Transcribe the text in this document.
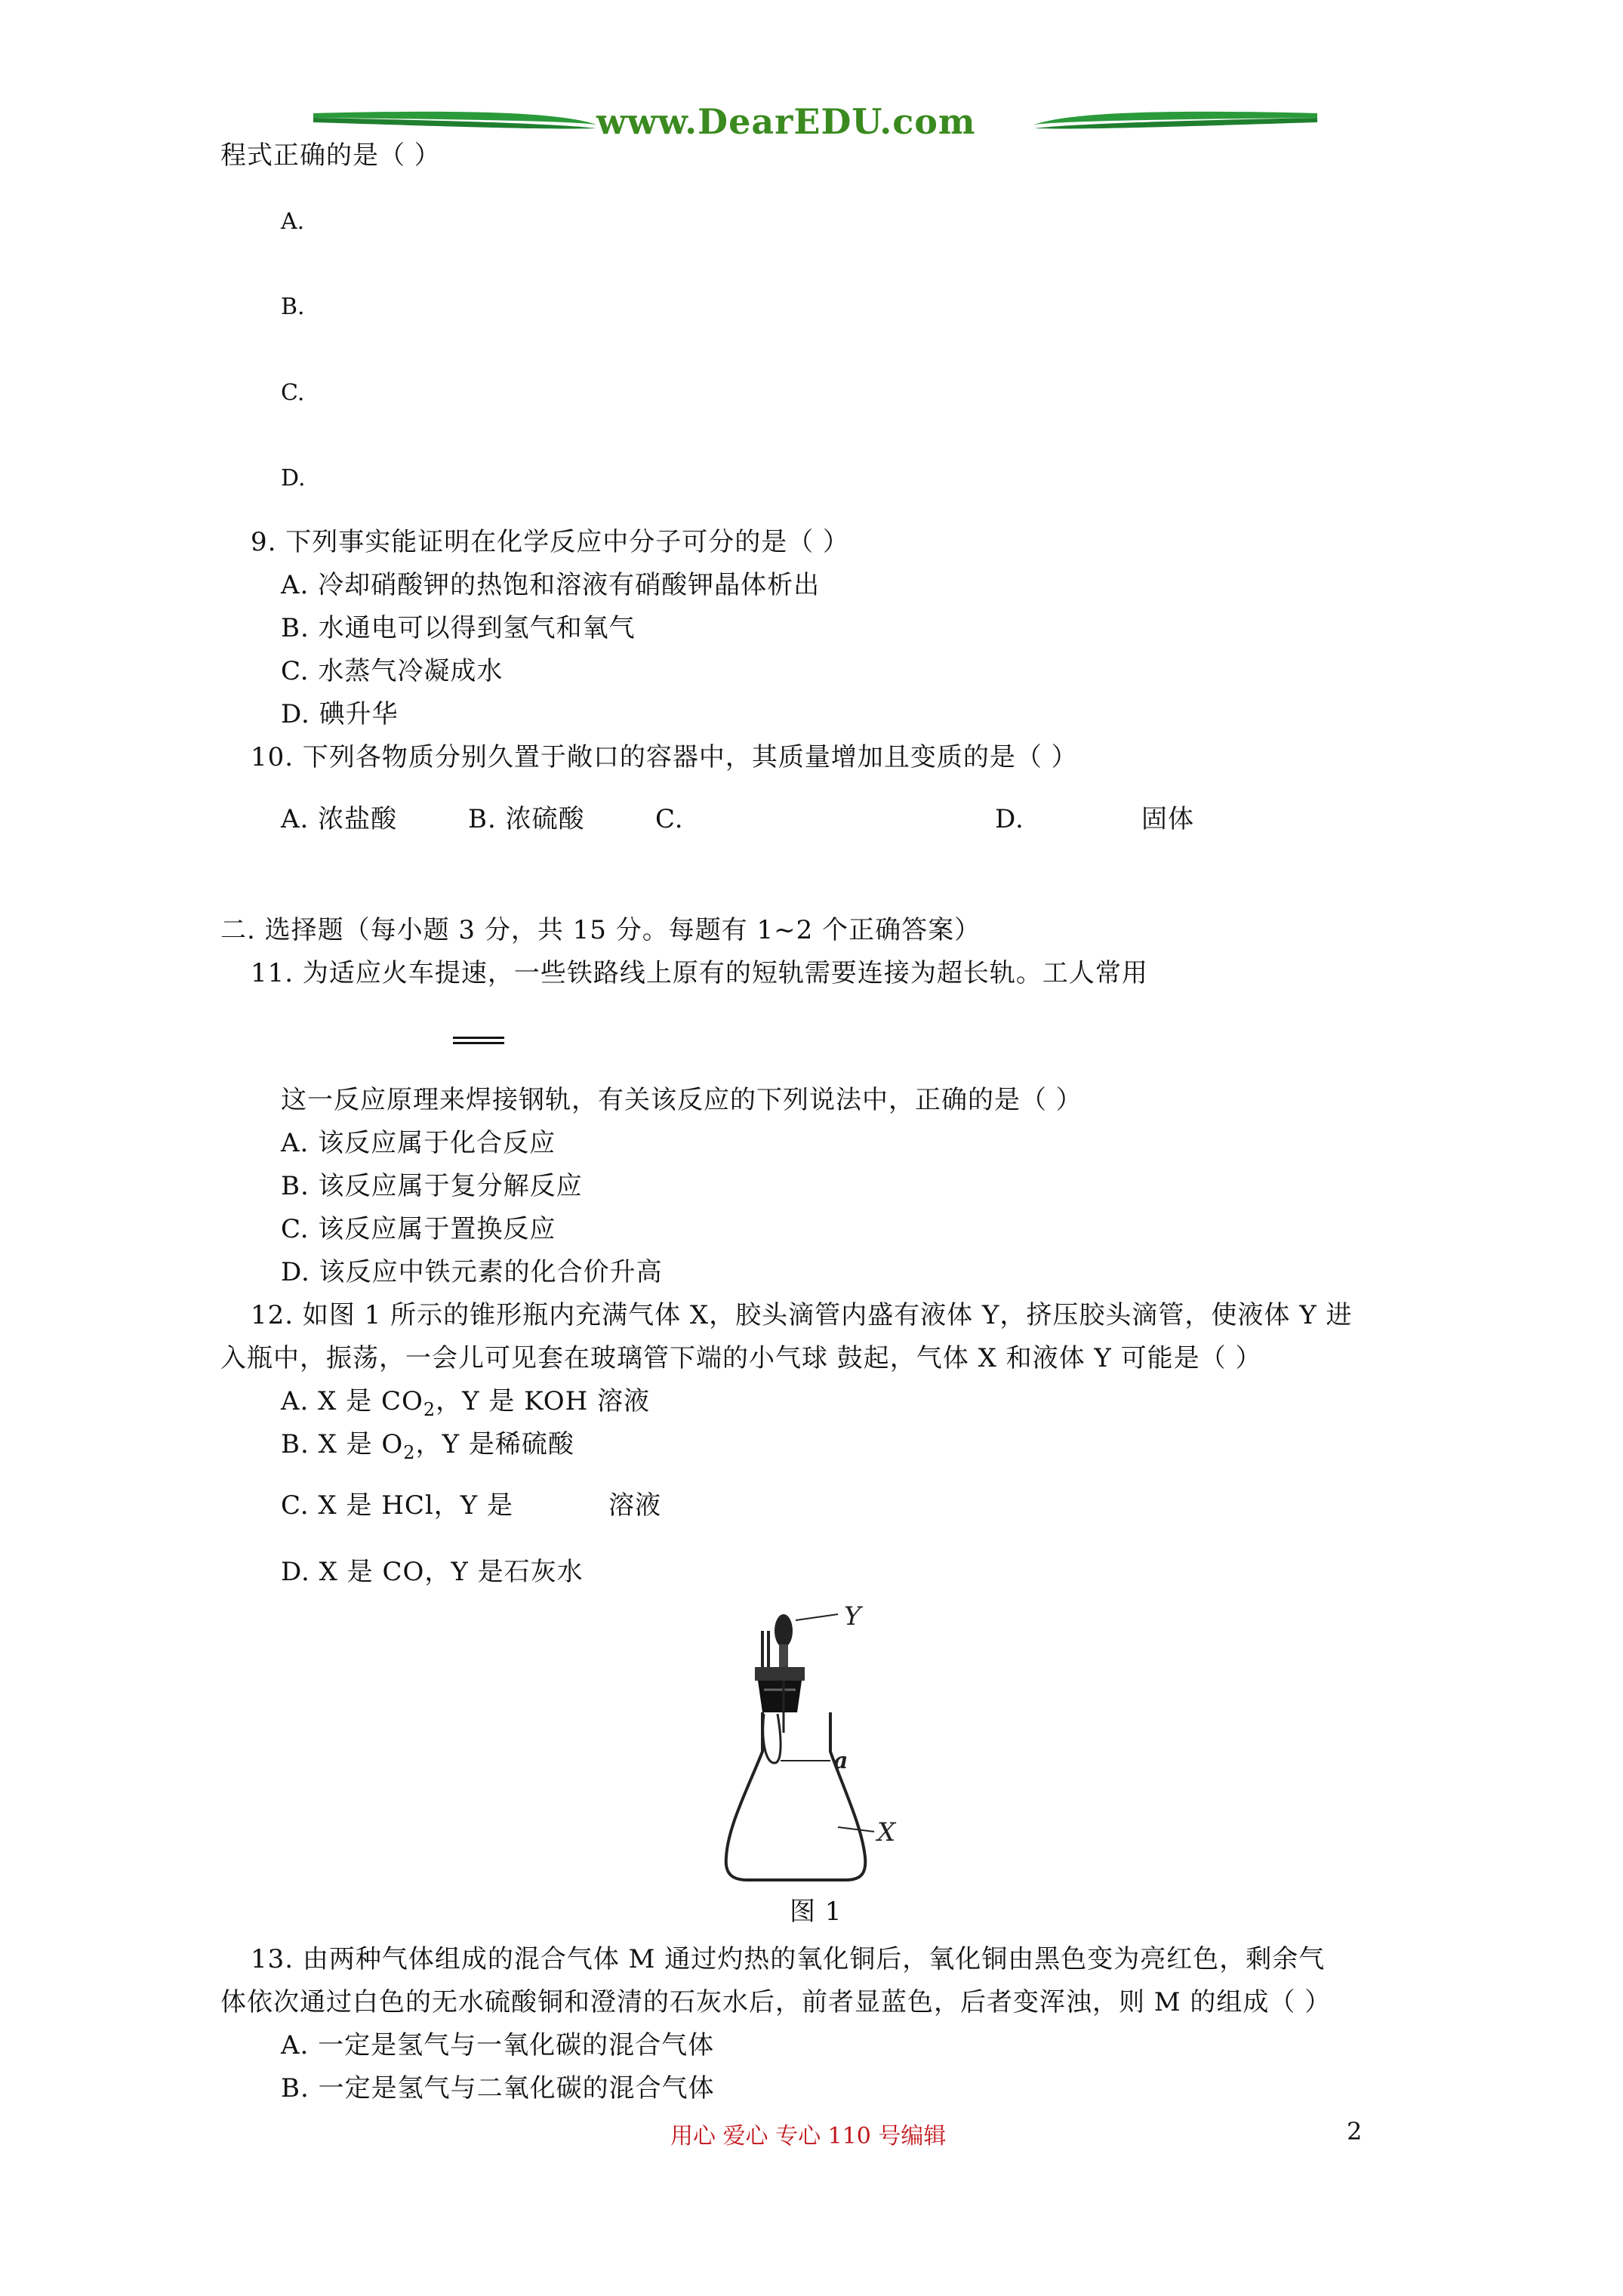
www.DearEDU.com
程式正确的是（ ）
A.
B.
C.
D.
9. 下列事实能证明在化学反应中分子可分的是（ ）
A. 冷却硝酸钾的热饱和溶液有硝酸钾晶体析出
B. 水通电可以得到氢气和氧气
C. 水蒸气冷凝成水
D. 碘升华
10. 下列各物质分别久置于敞口的容器中，其质量增加且变质的是（ ）
A. 浓盐酸	B. 浓硫酸	C.	D.	固体
二. 选择题（每小题 3 分，共 15 分。每题有 1~2 个正确答案）
11. 为适应火车提速，一些铁路线上原有的短轨需要连接为超长轨。工人常用
这一反应原理来焊接钢轨，有关该反应的下列说法中，正确的是（ ）
A. 该反应属于化合反应
B. 该反应属于复分解反应
C. 该反应属于置换反应
D. 该反应中铁元素的化合价升高
12. 如图 1 所示的锥形瓶内充满气体 X，胶头滴管内盛有液体 Y，挤压胶头滴管，使液体 Y 进
入瓶中，振荡，一会儿可见套在玻璃管下端的小气球 鼓起，气体 X 和液体 Y 可能是（ ）
A. X 是 $CO_2$，Y 是 KOH 溶液
B. X 是 $O_2$，Y 是稀硫酸
C. X 是 HCl，Y 是	溶液
D. X 是 CO，Y 是石灰水
Y
a
X
图 1
13. 由两种气体组成的混合气体 M 通过灼热的氧化铜后，氧化铜由黑色变为亮红色，剩余气
体依次通过白色的无水硫酸铜和澄清的石灰水后，前者显蓝色，后者变浑浊，则 M 的组成（ ）
A. 一定是氢气与一氧化碳的混合气体
B. 一定是氢气与二氧化碳的混合气体
用心 爱心 专心 110 号编辑	2
